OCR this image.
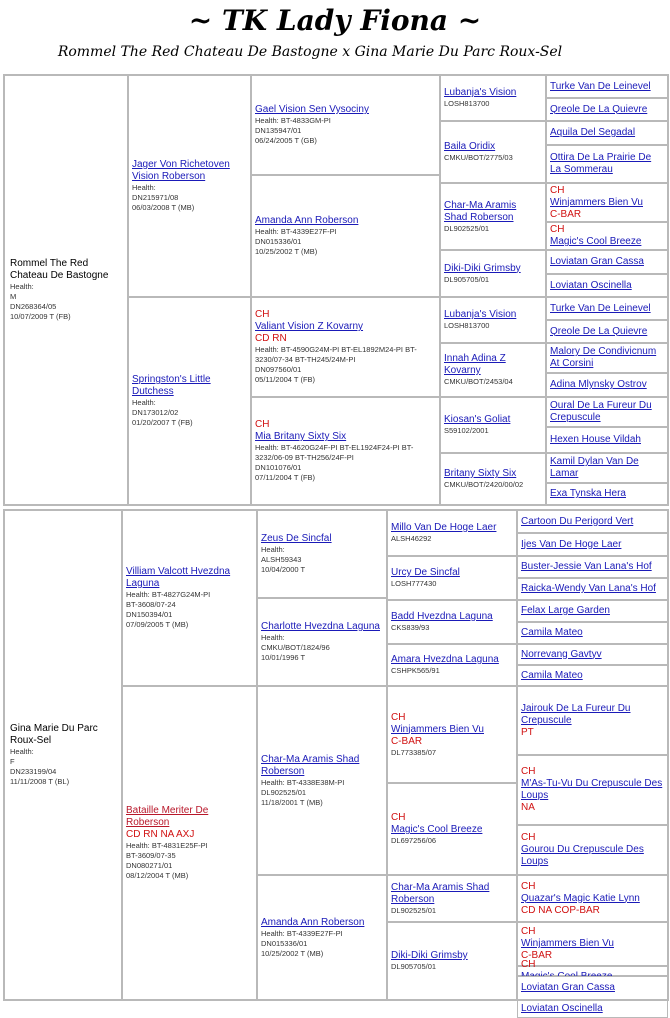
~ TK Lady Fiona ~
Rommel The Red Chateau De Bastogne x Gina Marie Du Parc Roux-Sel
Rommel The Red Chateau De Bastogne
Health:
M
DN268364/05
10/07/2009 T (FB)
Jager Von Richetoven Vision Roberson
Health:
DN215971/08
06/03/2008 T (MB)
Springston's Little Dutchess
Health:
DN173012/02
01/20/2007 T (FB)
Gael Vision Sen Vysociny
Health: BT-4833GM-PI
DN135947/01
06/24/2005 T (GB)
Amanda Ann Roberson
Health: BT-4339E27F-PI
DN015336/01
10/25/2002 T (MB)
CH
Valiant Vision Z Kovarny
CD RN
Health: BT-4590G24M-PI BT-EL1892M24-PI BT-3230/07-34 BT-TH245/24M-PI
DN097560/01
05/11/2004 T (FB)
CH
Mia Britany Sixty Six
Health: BT-4620G24F-PI BT-EL1924F24-PI BT-3232/06-09 BT-TH256/24F-PI
DN101076/01
07/11/2004 T (FB)
Lubanja's Vision
LOSH813700
Baila Oridix
CMKU/BOT/2775/03
Char-Ma Aramis Shad Roberson
DL902525/01
Diki-Diki Grimsby
DL905705/01
Lubanja's Vision
LOSH813700
Innah Adina Z Kovarny
CMKU/BOT/2453/04
Kiosan's Goliat
S59102/2001
Britany Sixty Six
CMKU/BOT/2420/00/02
Turke Van De Leinevel
Qreole De La Quievre
Aquila Del Segadal
Ottira De La Prairie De La Sommerau
CH
Winjammers Bien Vu
C-BAR
CH
Magic's Cool Breeze
Loviatan Gran Cassa
Loviatan Oscinella
Turke Van De Leinevel
Qreole De La Quievre
Malory De Condivicnum At Corsini
Adina Mlynsky Ostrov
Oural De La Fureur Du Crepuscule
Hexen House Vildah
Kamil Dylan Van De Lamar
Exa Tynska Hera
Gina Marie Du Parc Roux-Sel
Health:
F
DN233199/04
11/11/2008 T (BL)
Villiam Valcott Hvezdna Laguna
Health: BT-4827G24M-PI
BT-3608/07-24
DN150394/01
07/09/2005 T (MB)
Bataille Meriter De Roberson
CD RN NA AXJ
Health: BT-4831E25F-PI
BT-3609/07-35
DN080271/01
08/12/2004 T (MB)
Zeus De Sincfal
Health:
ALSH59343
10/04/2000 T
Charlotte Hvezdna Laguna
Health:
CMKU/BOT/1824/96
10/01/1996 T
Char-Ma Aramis Shad Roberson
Health: BT-4338E38M-PI
DL902525/01
11/18/2001 T (MB)
Amanda Ann Roberson
Health: BT-4339E27F-PI
DN015336/01
10/25/2002 T (MB)
Millo Van De Hoge Laer
ALSH46292
Urcy De Sincfal
LOSH777430
Badd Hvezdna Laguna
CKS839/93
Amara Hvezdna Laguna
CSHPK565/91
CH
Winjammers Bien Vu
C-BAR
DL773385/07
CH
Magic's Cool Breeze
DL697256/06
Char-Ma Aramis Shad Roberson
DL902525/01
Diki-Diki Grimsby
DL905705/01
Cartoon Du Perigord Vert
Ijes Van De Hoge Laer
Buster-Jessie Van Lana's Hof
Raicka-Wendy Van Lana's Hof
Felax Large Garden
Camila Mateo
Norrevang Gavtyv
Camila Mateo
Jairouk De La Fureur Du Crepuscule
PT
CH
M'As-Tu-Vu Du Crepuscule Des Loups
NA
CH
Gourou Du Crepuscule Des Loups
CH
Quazar's Magic Katie Lynn
CD NA COP-BAR
CH
Winjammers Bien Vu
C-BAR
CH
Loviatan Gran Cassa
Loviatan Oscinella
